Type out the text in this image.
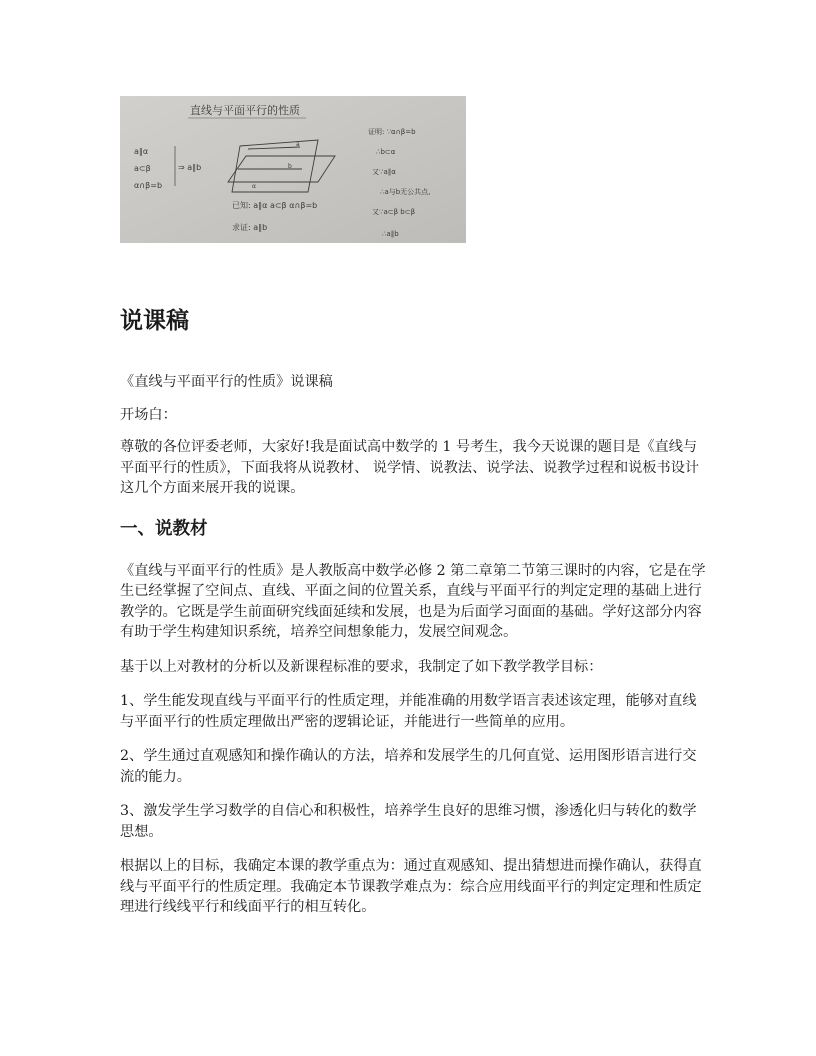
直线与平面平行的性质
a∥α
a⊂β
α∩β=b
⇒ a∥b
a
b
α
已知: a∥α a⊂β α∩β=b
求证: a∥b
证明: ∵α∩β=b
∴b⊂α
又∵a∥α
∴a与b无公共点,
又∵a⊂β b⊂β
∴a∥b
说课稿

《直线与平面平行的性质》说课稿

开场白：

尊敬的各位评委老师，大家好!我是面试高中数学的 1 号考生，我今天说课的题目是《直线与平面平行的性质》，下面我将从说教材、 说学情、说教法、说学法、说教学过程和说板书设计这几个方面来展开我的说课。

一、说教材

《直线与平面平行的性质》是人教版高中数学必修 2 第二章第二节第三课时的内容，它是在学生已经掌握了空间点、直线、平面之间的位置关系，直线与平面平行的判定定理的基础上进行教学的。它既是学生前面研究线面延续和发展，也是为后面学习面面的基础。学好这部分内容有助于学生构建知识系统，培养空间想象能力，发展空间观念。

基于以上对教材的分析以及新课程标准的要求，我制定了如下教学教学目标：

1、学生能发现直线与平面平行的性质定理，并能准确的用数学语言表述该定理，能够对直线与平面平行的性质定理做出严密的逻辑论证，并能进行一些简单的应用。

2、学生通过直观感知和操作确认的方法，培养和发展学生的几何直觉、运用图形语言进行交流的能力。

3、激发学生学习数学的自信心和积极性，培养学生良好的思维习惯，渗透化归与转化的数学思想。

根据以上的目标，我确定本课的教学重点为：通过直观感知、提出猜想进而操作确认，获得直线与平面平行的性质定理。我确定本节课教学难点为：综合应用线面平行的判定定理和性质定理进行线线平行和线面平行的相互转化。
